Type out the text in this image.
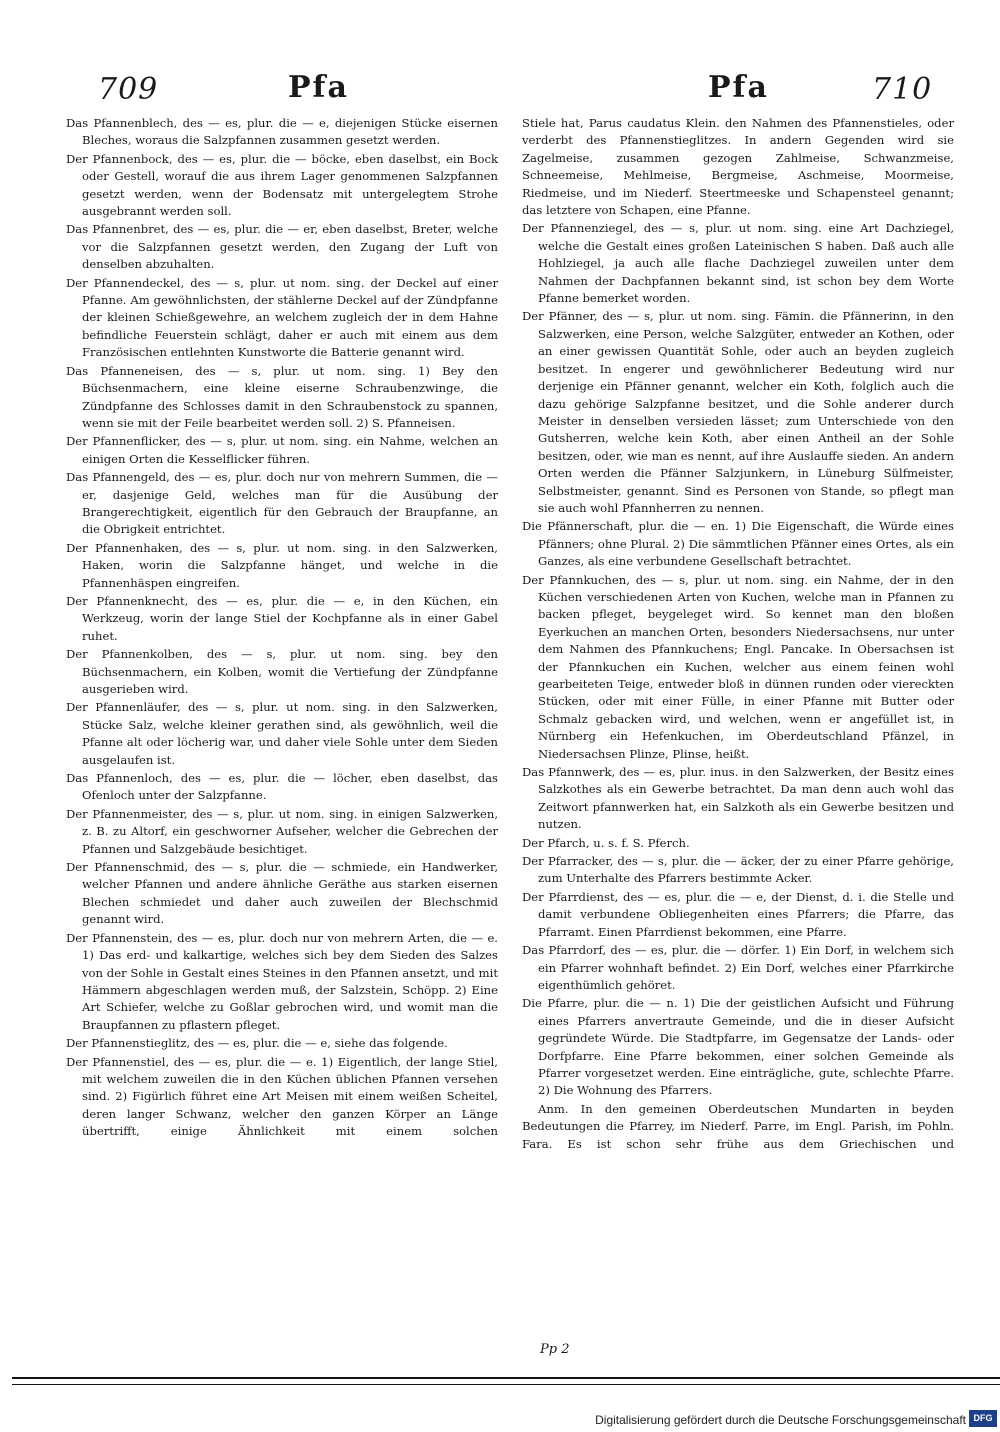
709	Pfa	Pfa	710

Das Pfannenblech, des — es, plur. die — e, diejenigen Stücke eisernen Bleches, woraus die Salzpfannen zusammen gesetzt werden.

Der Pfannenbock, des — es, plur. die — böcke, eben daselbst, ein Bock oder Gestell, worauf die aus ihrem Lager genommenen Salzpfannen gesetzt werden, wenn der Bodensatz mit untergelegtem Strohe ausgebrannt werden soll.

Das Pfannenbret, des — es, plur. die — er, eben daselbst, Breter, welche vor die Salzpfannen gesetzt werden, den Zugang der Luft von denselben abzuhalten.

Der Pfannendeckel, des — s, plur. ut nom. sing. der Deckel auf einer Pfanne. Am gewöhnlichsten, der stählerne Deckel auf der Zündpfanne der kleinen Schießgewehre, an welchem zugleich der in dem Hahne befindliche Feuerstein schlägt, daher er auch mit einem aus dem Französischen entlehnten Kunstworte die Batterie genannt wird.

Das Pfanneneisen, des — s, plur. ut nom. sing. 1) Bey den Büchsenmachern, eine kleine eiserne Schraubenzwinge, die Zündpfanne des Schlosses damit in den Schraubenstock zu spannen, wenn sie mit der Feile bearbeitet werden soll. 2) S. Pfanneisen.

Der Pfannenflicker, des — s, plur. ut nom. sing. ein Nahme, welchen an einigen Orten die Kesselflicker führen.

Das Pfannengeld, des — es, plur. doch nur von mehrern Summen, die — er, dasjenige Geld, welches man für die Ausübung der Brangerechtigkeit, eigentlich für den Gebrauch der Braupfanne, an die Obrigkeit entrichtet.

Der Pfannenhaken, des — s, plur. ut nom. sing. in den Salzwerken, Haken, worin die Salzpfanne hänget, und welche in die Pfannenhäspen eingreifen.

Der Pfannenknecht, des — es, plur. die — e, in den Küchen, ein Werkzeug, worin der lange Stiel der Kochpfanne als in einer Gabel ruhet.

Der Pfannenkolben, des — s, plur. ut nom. sing. bey den Büchsenmachern, ein Kolben, womit die Vertiefung der Zündpfanne ausgerieben wird.

Der Pfannenläufer, des — s, plur. ut nom. sing. in den Salzwerken, Stücke Salz, welche kleiner gerathen sind, als gewöhnlich, weil die Pfanne alt oder löcherig war, und daher viele Sohle unter dem Sieden ausgelaufen ist.

Das Pfannenloch, des — es, plur. die — löcher, eben daselbst, das Ofenloch unter der Salzpfanne.

Der Pfannenmeister, des — s, plur. ut nom. sing. in einigen Salzwerken, z. B. zu Altorf, ein geschworner Aufseher, welcher die Gebrechen der Pfannen und Salzgebäude besichtiget.

Der Pfannenschmid, des — s, plur. die — schmiede, ein Handwerker, welcher Pfannen und andere ähnliche Geräthe aus starken eisernen Blechen schmiedet und daher auch zuweilen der Blechschmid genannt wird.

Der Pfannenstein, des — es, plur. doch nur von mehrern Arten, die — e. 1) Das erd- und kalkartige, welches sich bey dem Sieden des Salzes von der Sohle in Gestalt eines Steines in den Pfannen ansetzt, und mit Hämmern abgeschlagen werden muß, der Salzstein, Schöpp. 2) Eine Art Schiefer, welche zu Goßlar gebrochen wird, und womit man die Braupfannen zu pflastern pfleget.

Der Pfannenstieglitz, des — es, plur. die — e, siehe das folgende.

Der Pfannenstiel, des — es, plur. die — e. 1) Eigentlich, der lange Stiel, mit welchem zuweilen die in den Küchen üblichen Pfannen versehen sind. 2) Figürlich führet eine Art Meisen mit einem weißen Scheitel, deren langer Schwanz, welcher den ganzen Körper an Länge übertrifft, einige Ähnlichkeit mit einem solchen

Stiele hat, Parus caudatus Klein. den Nahmen des Pfannenstieles, oder verderbt des Pfannenstieglitzes. In andern Gegenden wird sie Zagelmeise, zusammen gezogen Zahlmeise, Schwanzmeise, Schneemeise, Mehlmeise, Bergmeise, Aschmeise, Moormeise, Riedmeise, und im Niederf. Steertmeeske und Schapensteel genannt; das letztere von Schapen, eine Pfanne.

Der Pfannenziegel, des — s, plur. ut nom. sing. eine Art Dachziegel, welche die Gestalt eines großen Lateinischen S haben. Daß auch alle Hohlziegel, ja auch alle flache Dachziegel zuweilen unter dem Nahmen der Dachpfannen bekannt sind, ist schon bey dem Worte Pfanne bemerket worden.

Der Pfänner, des — s, plur. ut nom. sing. Fämin. die Pfännerinn, in den Salzwerken, eine Person, welche Salzgüter, entweder an Kothen, oder an einer gewissen Quantität Sohle, oder auch an beyden zugleich besitzet. In engerer und gewöhnlicherer Bedeutung wird nur derjenige ein Pfänner genannt, welcher ein Koth, folglich auch die dazu gehörige Salzpfanne besitzet, und die Sohle anderer durch Meister in denselben versieden lässet; zum Unterschiede von den Gutsherren, welche kein Koth, aber einen Antheil an der Sohle besitzen, oder, wie man es nennt, auf ihre Auslauffe sieden. An andern Orten werden die Pfänner Salzjunkern, in Lüneburg Sülfmeister, Selbstmeister, genannt. Sind es Personen von Stande, so pflegt man sie auch wohl Pfannherren zu nennen.

Die Pfännerschaft, plur. die — en. 1) Die Eigenschaft, die Würde eines Pfänners; ohne Plural. 2) Die sämmtlichen Pfänner eines Ortes, als ein Ganzes, als eine verbundene Gesellschaft betrachtet.

Der Pfannkuchen, des — s, plur. ut nom. sing. ein Nahme, der in den Küchen verschiedenen Arten von Kuchen, welche man in Pfannen zu backen pfleget, beygeleget wird. So kennet man den bloßen Eyerkuchen an manchen Orten, besonders Niedersachsens, nur unter dem Nahmen des Pfannkuchens; Engl. Pancake. In Obersachsen ist der Pfannkuchen ein Kuchen, welcher aus einem feinen wohl gearbeiteten Teige, entweder bloß in dünnen runden oder viereckten Stücken, oder mit einer Fülle, in einer Pfanne mit Butter oder Schmalz gebacken wird, und welchen, wenn er angefüllet ist, in Nürnberg ein Hefenkuchen, im Oberdeutschland Pfänzel, in Niedersachsen Plinze, Plinse, heißt.

Das Pfannwerk, des — es, plur. inus. in den Salzwerken, der Besitz eines Salzkothes als ein Gewerbe betrachtet. Da man denn auch wohl das Zeitwort pfannwerken hat, ein Salzkoth als ein Gewerbe besitzen und nutzen.

Der Pfarch, u. s. f. S. Pferch.

Der Pfarracker, des — s, plur. die — äcker, der zu einer Pfarre gehörige, zum Unterhalte des Pfarrers bestimmte Acker.

Der Pfarrdienst, des — es, plur. die — e, der Dienst, d. i. die Stelle und damit verbundene Obliegenheiten eines Pfarrers; die Pfarre, das Pfarramt. Einen Pfarrdienst bekommen, eine Pfarre.

Das Pfarrdorf, des — es, plur. die — dörfer. 1) Ein Dorf, in welchem sich ein Pfarrer wohnhaft befindet. 2) Ein Dorf, welches einer Pfarrkirche eigenthümlich gehöret.

Die Pfarre, plur. die — n. 1) Die der geistlichen Aufsicht und Führung eines Pfarrers anvertraute Gemeinde, und die in dieser Aufsicht gegründete Würde. Die Stadtpfarre, im Gegensatze der Lands- oder Dorfpfarre. Eine Pfarre bekommen, einer solchen Gemeinde als Pfarrer vorgesetzet werden. Eine einträgliche, gute, schlechte Pfarre. 2) Die Wohnung des Pfarrers.

Anm. In den gemeinen Oberdeutschen Mundarten in beyden Bedeutungen die Pfarrey, im Niederf. Parre, im Engl. Parish, im Pohln. Fara. Es ist schon sehr frühe aus dem Griechischen und

Pp 2
Digitalisierung gefördert durch die Deutsche Forschungsgemeinschaft DFG
